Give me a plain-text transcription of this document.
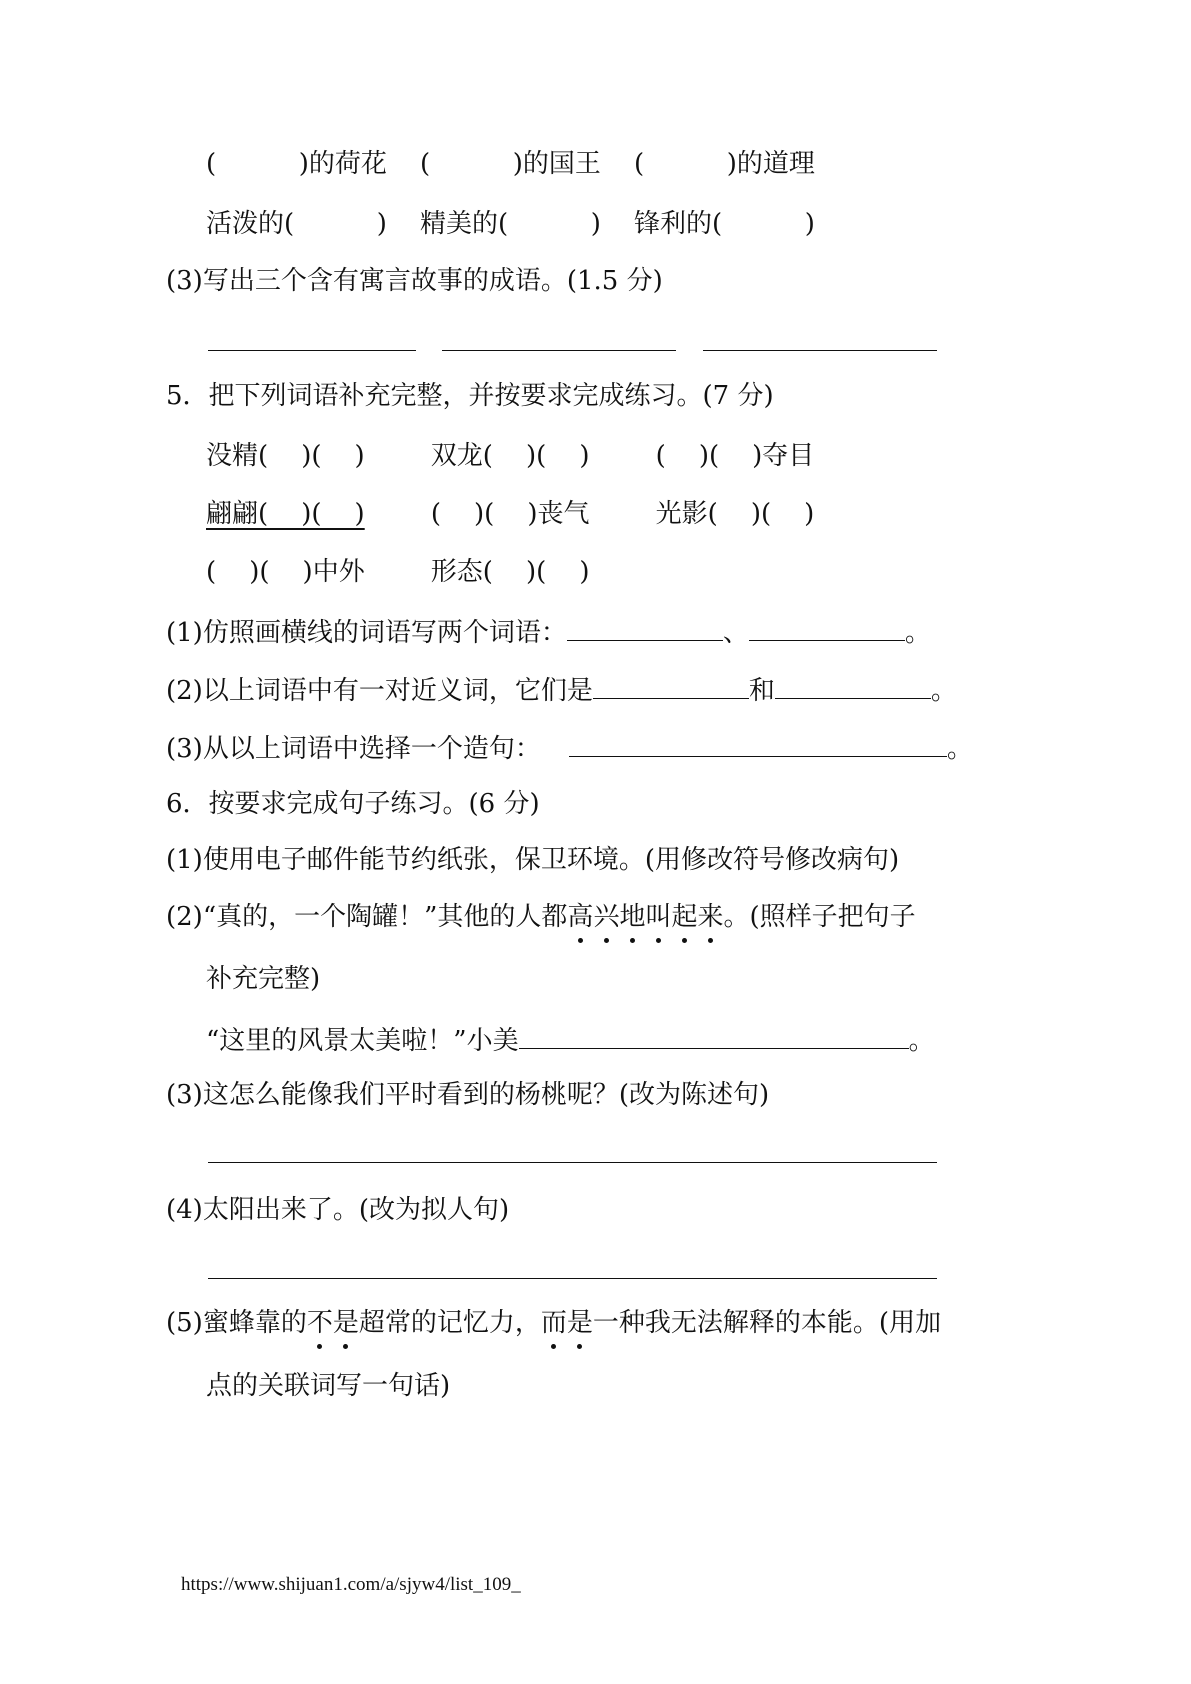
(          )的荷花    (          )的国王    (          )的道理
活泼的(          )    精美的(          )    锋利的(          )
(3)写出三个含有寓言故事的成语。(1.5 分)
5．把下列词语补充完整，并按要求完成练习。(7 分)
没精(    )(    )        双龙(    )(    )        (    )(    )夺目
翩翩(    )(    )        (    )(    )丧气        光影(    )(    )
(    )(    )中外        形态(    )(    )
(1)仿照画横线的词语写两个词语：	、	。
(2)以上词语中有一对近义词，它们是	和	。
(3)从以上词语中选择一个造句：	。
6．按要求完成句子练习。(6 分)
(1)使用电子邮件能节约纸张，保卫环境。(用修改符号修改病句)
(2)“真的，一个陶罐！”其他的人都高兴地叫起来。(照样子把句子
补充完整)
“这里的风景太美啦！”小美	。
(3)这怎么能像我们平时看到的杨桃呢？(改为陈述句)
(4)太阳出来了。(改为拟人句)
(5)蜜蜂靠的不是超常的记忆力，而是一种我无法解释的本能。(用加
点的关联词写一句话)
https://www.shijuan1.com/a/sjyw4/list_109_
